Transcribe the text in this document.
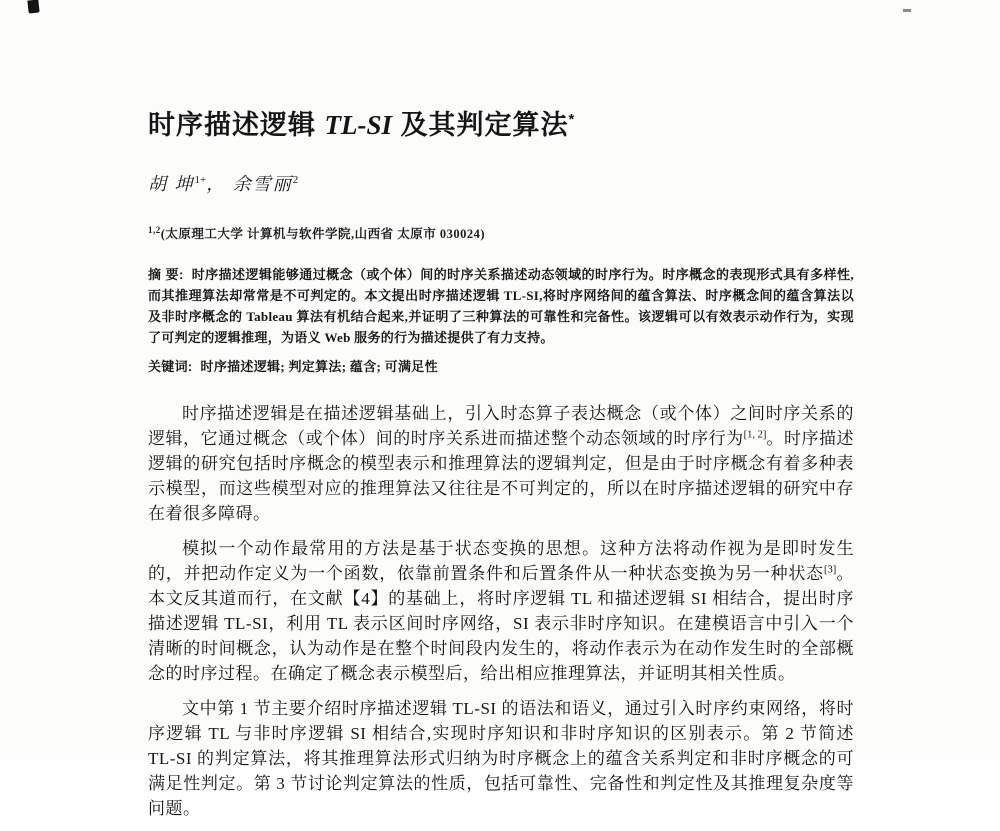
时序描述逻辑 TL-SI 及其判定算法*
胡 坤$^{1+}$， 余雪丽$^2$
$^{1,2}$(太原理工大学 计算机与软件学院,山西省 太原市 030024)
摘 要: 时序描述逻辑能够通过概念（或个体）间的时序关系描述动态领域的时序行为。时序概念的表现形式具有多样性,而其推理算法却常常是不可判定的。本文提出时序描述逻辑 TL-SI,将时序网络间的蕴含算法、时序概念间的蕴含算法以及非时序概念的 Tableau 算法有机结合起来,并证明了三种算法的可靠性和完备性。该逻辑可以有效表示动作行为，实现了可判定的逻辑推理，为语义 Web 服务的行为描述提供了有力支持。
关键词: 时序描述逻辑; 判定算法; 蕴含; 可满足性

时序描述逻辑是在描述逻辑基础上，引入时态算子表达概念（或个体）之间时序关系的逻辑，它通过概念（或个体）间的时序关系进而描述整个动态领域的时序行为[1, 2]。时序描述逻辑的研究包括时序概念的模型表示和推理算法的逻辑判定，但是由于时序概念有着多种表示模型，而这些模型对应的推理算法又往往是不可判定的，所以在时序描述逻辑的研究中存在着很多障碍。

模拟一个动作最常用的方法是基于状态变换的思想。这种方法将动作视为是即时发生的，并把动作定义为一个函数，依靠前置条件和后置条件从一种状态变换为另一种状态[3]。本文反其道而行，在文献【4】的基础上，将时序逻辑 TL 和描述逻辑 SI 相结合，提出时序描述逻辑 TL-SI，利用 TL 表示区间时序网络，SI 表示非时序知识。在建模语言中引入一个清晰的时间概念，认为动作是在整个时间段内发生的，将动作表示为在动作发生时的全部概念的时序过程。在确定了概念表示模型后，给出相应推理算法，并证明其相关性质。

文中第 1 节主要介绍时序描述逻辑 TL-SI 的语法和语义，通过引入时序约束网络，将时序逻辑 TL 与非时序逻辑 SI 相结合,实现时序知识和非时序知识的区别表示。第 2 节简述 TL-SI 的判定算法，将其推理算法形式归纳为时序概念上的蕴含关系判定和非时序概念的可满足性判定。第 3 节讨论判定算法的性质，包括可靠性、完备性和判定性及其推理复杂度等问题。
